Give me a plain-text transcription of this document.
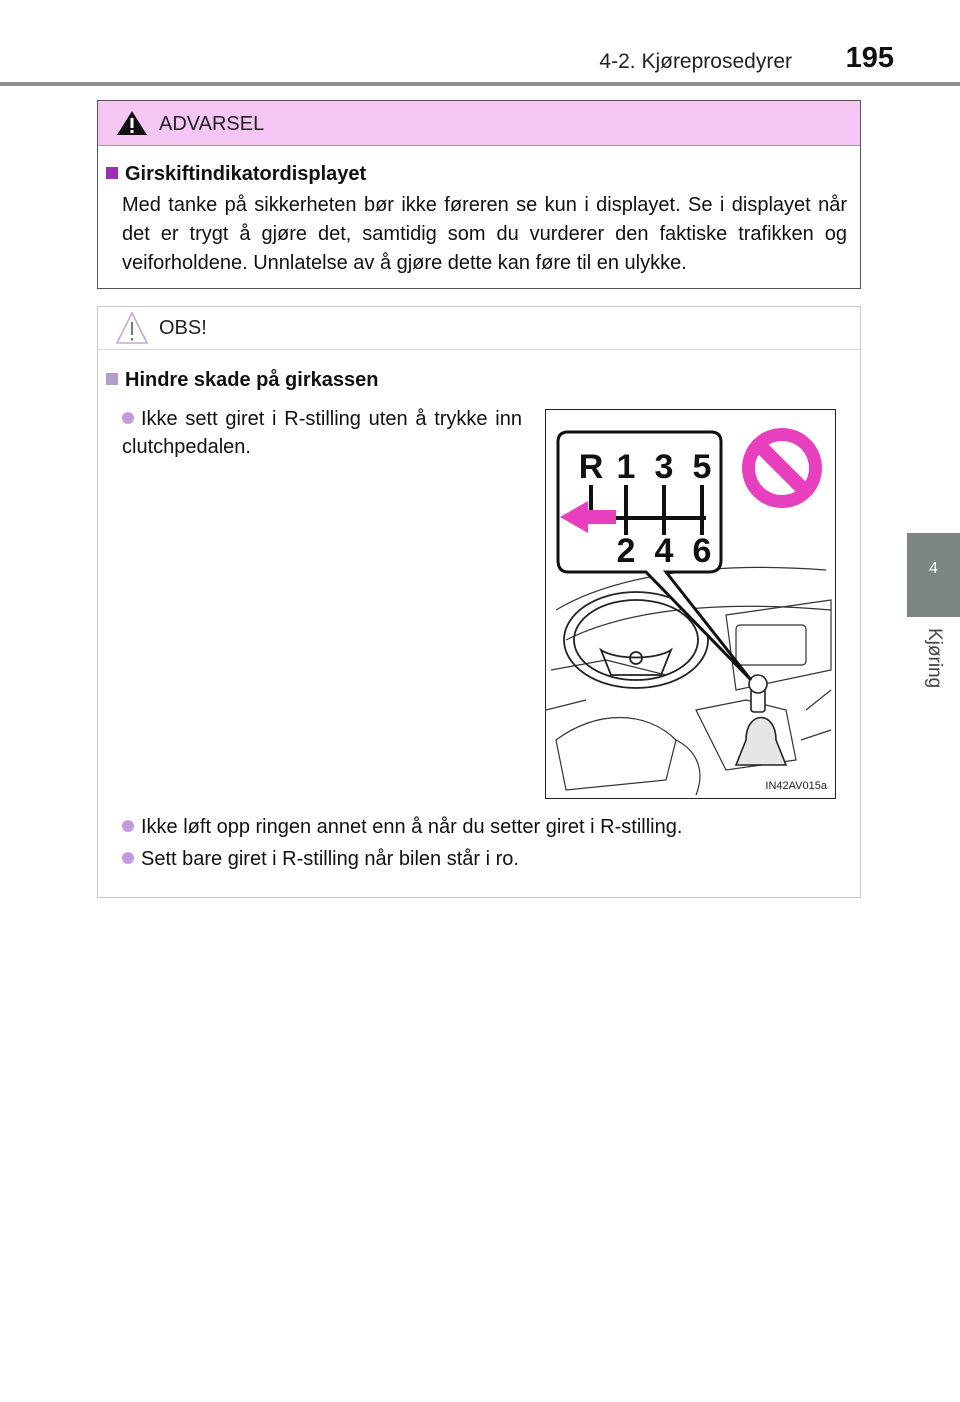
4-2. Kjøreprosedyrer 195
4
Kjøring
ADVARSEL
Girskiftindikatordisplayet
Med tanke på sikkerheten bør ikke føreren se kun i displayet. Se i displayet når det er trygt å gjøre det, samtidig som du vurderer den faktiske trafikken og veiforholdene. Unnlatelse av å gjøre dette kan føre til en ulykke.
OBS!
Hindre skade på girkassen
Ikke sett giret i R-stilling uten å trykke inn clutchpedalen.
R 1 3 5
2 4 6
IN42AV015a
Ikke løft opp ringen annet enn å når du setter giret i R-stilling.
Sett bare giret i R-stilling når bilen står i ro.
